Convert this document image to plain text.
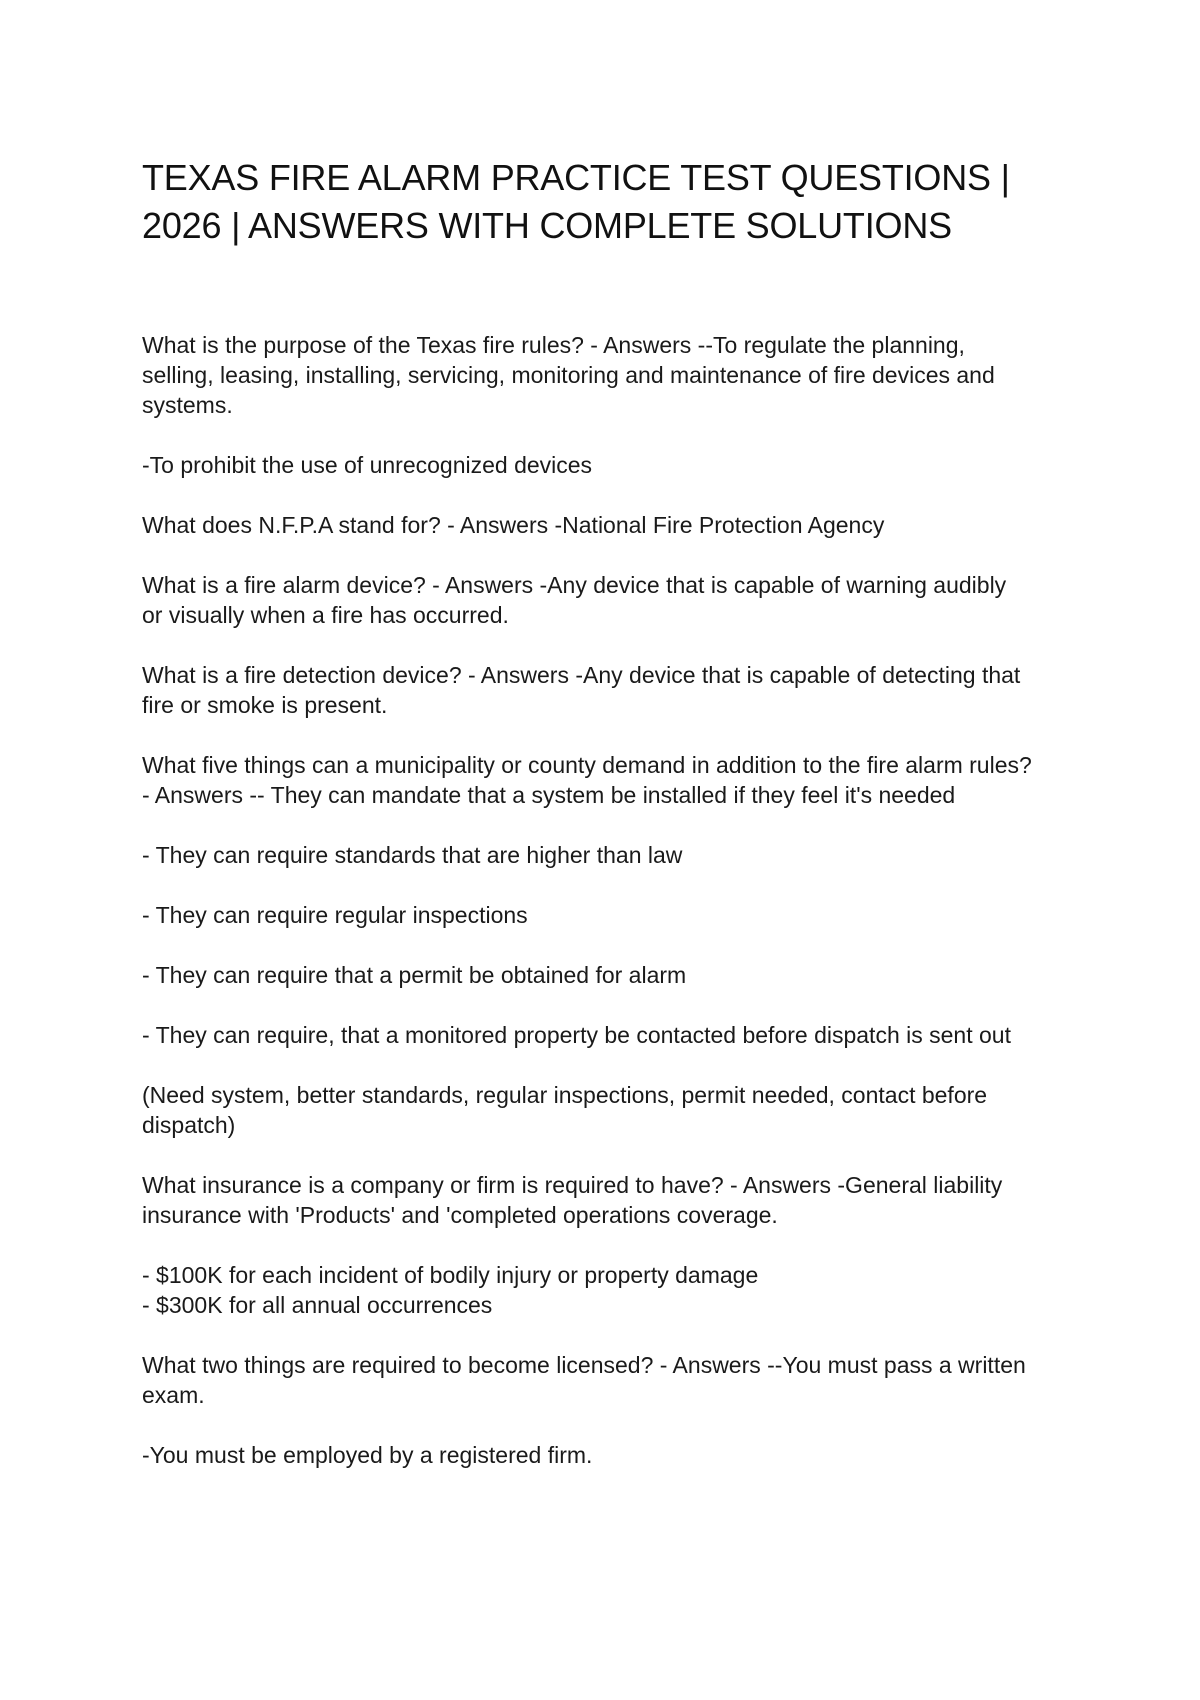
TEXAS FIRE ALARM PRACTICE TEST QUESTIONS |
2026 | ANSWERS WITH COMPLETE SOLUTIONS

What is the purpose of the Texas fire rules? - Answers --To regulate the planning,
selling, leasing, installing, servicing, monitoring and maintenance of fire devices and
systems.

-To prohibit the use of unrecognized devices

What does N.F.P.A stand for? - Answers -National Fire Protection Agency

What is a fire alarm device? - Answers -Any device that is capable of warning audibly
or visually when a fire has occurred.

What is a fire detection device? - Answers -Any device that is capable of detecting that
fire or smoke is present.

What five things can a municipality or county demand in addition to the fire alarm rules?
- Answers -- They can mandate that a system be installed if they feel it's needed

- They can require standards that are higher than law

- They can require regular inspections

- They can require that a permit be obtained for alarm

- They can require, that a monitored property be contacted before dispatch is sent out

(Need system, better standards, regular inspections, permit needed, contact before
dispatch)

What insurance is a company or firm is required to have? - Answers -General liability
insurance with 'Products' and 'completed operations coverage.

- $100K for each incident of bodily injury or property damage
- $300K for all annual occurrences

What two things are required to become licensed? - Answers --You must pass a written
exam.

-You must be employed by a registered firm.
